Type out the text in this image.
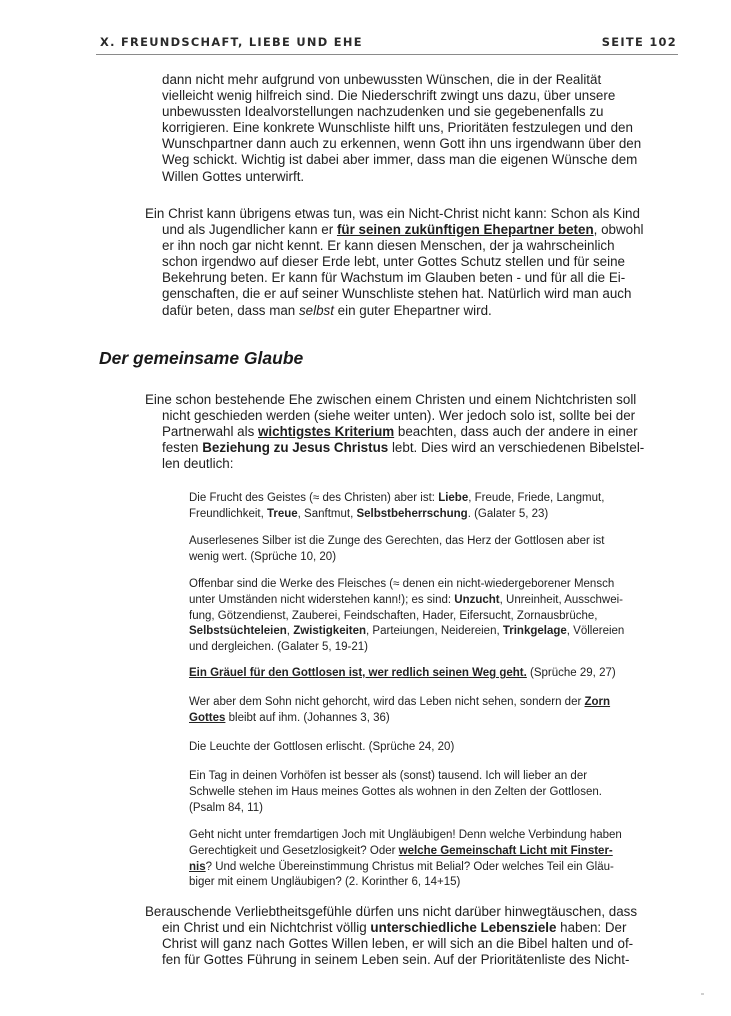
X. FREUNDSCHAFT, LIEBE UND EHE	SEITE 102
dann nicht mehr aufgrund von unbewussten Wünschen, die in der Realität
vielleicht wenig hilfreich sind. Die Niederschrift zwingt uns dazu, über unsere
unbewussten Idealvorstellungen nachzudenken und sie gegebenenfalls zu
korrigieren. Eine konkrete Wunschliste hilft uns, Prioritäten festzulegen und den
Wunschpartner dann auch zu erkennen, wenn Gott ihn uns irgendwann über den
Weg schickt. Wichtig ist dabei aber immer, dass man die eigenen Wünsche dem
Willen Gottes unterwirft.
Ein Christ kann übrigens etwas tun, was ein Nicht-Christ nicht kann: Schon als Kind
und als Jugendlicher kann er für seinen zukünftigen Ehepartner beten, obwohl
er ihn noch gar nicht kennt. Er kann diesen Menschen, der ja wahrscheinlich
schon irgendwo auf dieser Erde lebt, unter Gottes Schutz stellen und für seine
Bekehrung beten. Er kann für Wachstum im Glauben beten - und für all die Ei-
genschaften, die er auf seiner Wunschliste stehen hat. Natürlich wird man auch
dafür beten, dass man selbst ein guter Ehepartner wird.
Der gemeinsame Glaube
Eine schon bestehende Ehe zwischen einem Christen und einem Nichtchristen soll
nicht geschieden werden (siehe weiter unten). Wer jedoch solo ist, sollte bei der
Partnerwahl als wichtigstes Kriterium beachten, dass auch der andere in einer
festen Beziehung zu Jesus Christus lebt. Dies wird an verschiedenen Bibelstel-
len deutlich:
Die Frucht des Geistes (≈ des Christen) aber ist: Liebe, Freude, Friede, Langmut,
Freundlichkeit, Treue, Sanftmut, Selbstbeherrschung. (Galater 5, 23)
Auserlesenes Silber ist die Zunge des Gerechten, das Herz der Gottlosen aber ist
wenig wert. (Sprüche 10, 20)
Offenbar sind die Werke des Fleisches (≈ denen ein nicht-wiedergeborener Mensch
unter Umständen nicht widerstehen kann!); es sind: Unzucht, Unreinheit, Ausschwei-
fung, Götzendienst, Zauberei, Feindschaften, Hader, Eifersucht, Zornausbrüche,
Selbstsüchteleien, Zwistigkeiten, Parteiungen, Neidereien, Trinkgelage, Völlereien
und dergleichen. (Galater 5, 19-21)
Ein Gräuel für den Gottlosen ist, wer redlich seinen Weg geht. (Sprüche 29, 27)
Wer aber dem Sohn nicht gehorcht, wird das Leben nicht sehen, sondern der Zorn
Gottes bleibt auf ihm. (Johannes 3, 36)
Die Leuchte der Gottlosen erlischt. (Sprüche 24, 20)
Ein Tag in deinen Vorhöfen ist besser als (sonst) tausend. Ich will lieber an der
Schwelle stehen im Haus meines Gottes als wohnen in den Zelten der Gottlosen.
(Psalm 84, 11)
Geht nicht unter fremdartigen Joch mit Ungläubigen! Denn welche Verbindung haben
Gerechtigkeit und Gesetzlosigkeit? Oder welche Gemeinschaft Licht mit Finster-
nis? Und welche Übereinstimmung Christus mit Belial? Oder welches Teil ein Gläu-
biger mit einem Ungläubigen? (2. Korinther 6, 14+15)
Berauschende Verliebtheitsgefühle dürfen uns nicht darüber hinwegtäuschen, dass
ein Christ und ein Nichtchrist völlig unterschiedliche Lebensziele haben: Der
Christ will ganz nach Gottes Willen leben, er will sich an die Bibel halten und of-
fen für Gottes Führung in seinem Leben sein. Auf der Prioritätenliste des Nicht-
